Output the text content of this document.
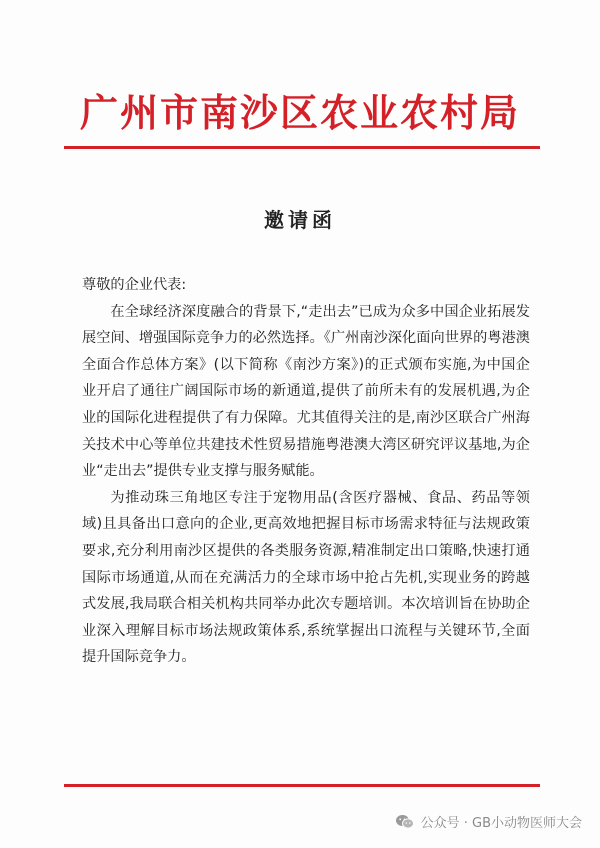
广州市南沙区农业农村局
邀请函

尊敬的企业代表:

在全球经济深度融合的背景下,“走出去”已成为众多中国企业拓展发展空间、增强国际竞争力的必然选择。《广州南沙深化面向世界的粤港澳全面合作总体方案》(以下简称《南沙方案》)的正式颁布实施,为中国企业开启了通往广阔国际市场的新通道,提供了前所未有的发展机遇,为企业的国际化进程提供了有力保障。尤其值得关注的是,南沙区联合广州海关技术中心等单位共建技术性贸易措施粤港澳大湾区研究评议基地,为企业“走出去”提供专业支撑与服务赋能。

为推动珠三角地区专注于宠物用品(含医疗器械、食品、药品等领域)且具备出口意向的企业,更高效地把握目标市场需求特征与法规政策要求,充分利用南沙区提供的各类服务资源,精准制定出口策略,快速打通国际市场通道,从而在充满活力的全球市场中抢占先机,实现业务的跨越式发展,我局联合相关机构共同举办此次专题培训。本次培训旨在协助企业深入理解目标市场法规政策体系,系统掌握出口流程与关键环节,全面提升国际竞争力。

公众号 · GB小动物医师大会
